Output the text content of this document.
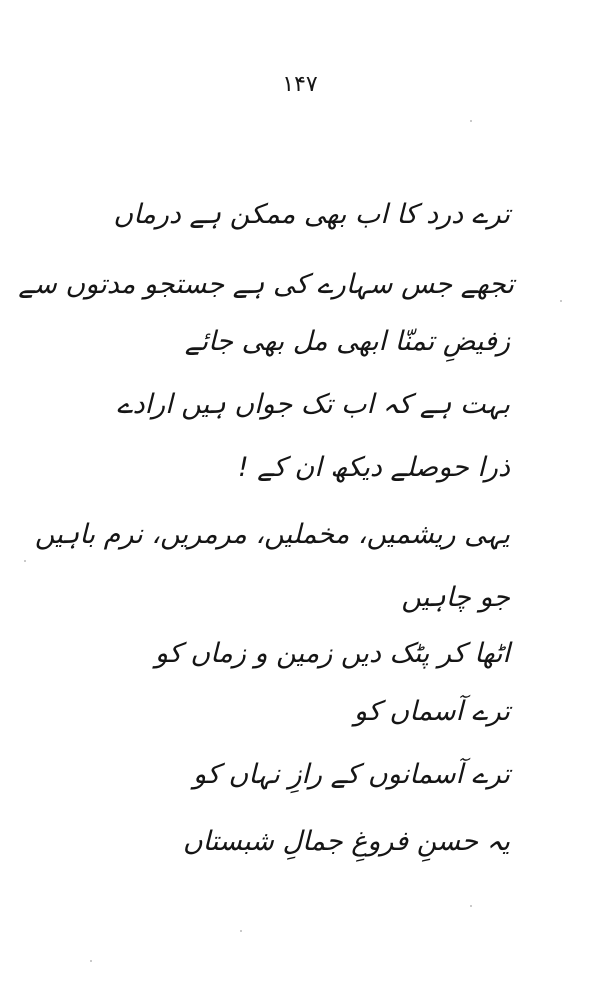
۱۴۷
ترے درد کا اب بھی ممکن ہے درماں
تجھے جس سہارے کی ہے جستجو مدتوں سے
زفیضِ تمنّا ابھی مل بھی جائے
بہت ہے کہ اب تک جواں ہیں ارادے
ذرا حوصلے دیکھ ان کے !
یہی ریشمیں، مخملیں، مرمریں، نرم باہیں
جو چاہیں
اٹھا کر پٹک دیں زمین و زماں کو
ترے آسماں کو
ترے آسمانوں کے رازِ نہاں کو
یہ حسنِ فروغِ جمالِ شبستاں
